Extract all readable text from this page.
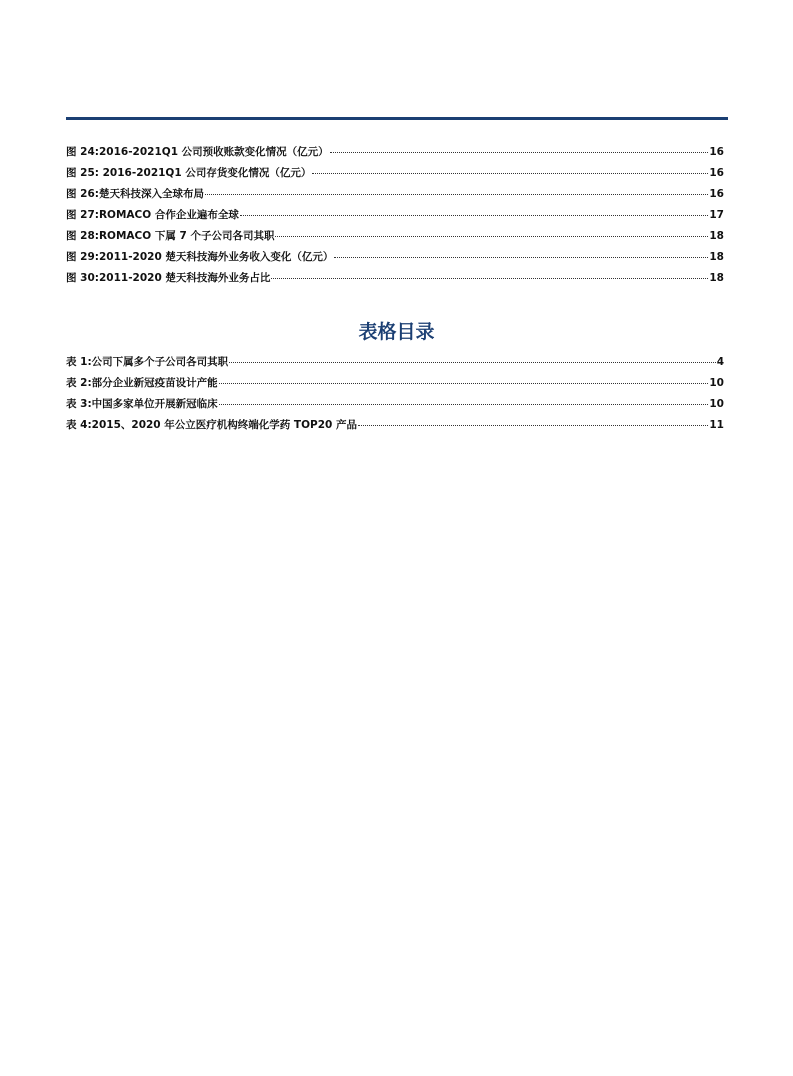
图 24:2016-2021Q1 公司预收账款变化情况（亿元）	16
图 25: 2016-2021Q1 公司存货变化情况（亿元）	16
图 26:楚天科技深入全球布局	16
图 27:ROMACO 合作企业遍布全球	17
图 28:ROMACO 下属 7 个子公司各司其职	18
图 29:2011-2020 楚天科技海外业务收入变化（亿元）	18
图 30:2011-2020 楚天科技海外业务占比	18
表格目录
表 1:公司下属多个子公司各司其职	4
表 2:部分企业新冠疫苗设计产能	10
表 3:中国多家单位开展新冠临床	10
表 4:2015、2020 年公立医疗机构终端化学药 TOP20 产品	11
